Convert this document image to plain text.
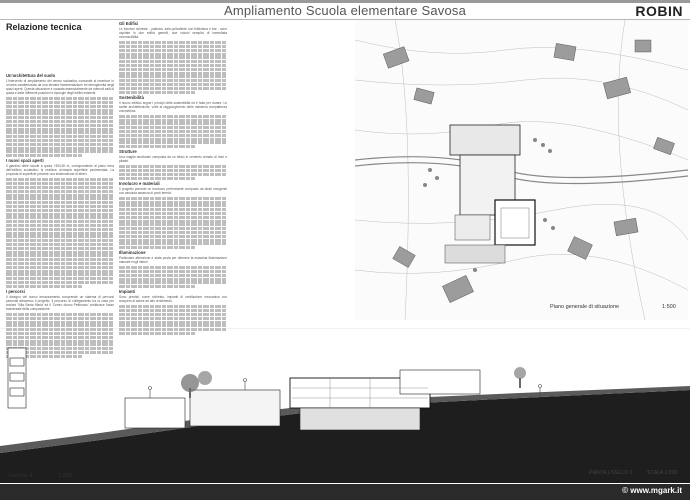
Ampliamento Scuola elementare Savosa	ROBIN
Relazione tecnica
Un'architettura del suolo

L'intervento di ampliamento del centro scolastico comunale si inserisce in un'area caratterizzata da una elevata frammentazione ed eterogeneità degli spazi aperti. Questa situazione è causata essenzialmente da notevoli salti di quota e dalle differenti posizioni e tipologie degli edifici esistenti.

I nuovi spazi aperti

Il giardino delle scuole a quota +394.50 m, corrispondente al piano terra dell'edificio scolastico, si realizza un'ampia superficie pavimentata. La proposta di superficie prevede una sistemazione di alberi.

I percorsi

Il disegno del nuovo terrazzamento comprende un sistema di percorsi pedonali attraverso il progetto. Il percorso di collegamento tra la casa per anziani 'Villa Santa Maria' ed il 'Centro diurno Pettirosso' costituisce l'asse trasversale della composizione.

Gli Edifici

Le funzioni richieste - palestra, sala polivalente con biblioteca e bar - sono ospitate in due edifici gemelli, due volumi semplici di immediata riconoscibilità.

Sostenibilità

Il nuovo edificio segue i principi della sostenibilità ed è fatto per durare. Le scelte architettoniche, volte al raggiungimento della massima compattezza volumetrica.

Strutture

Una maglia strutturale composta da un telaio in cemento armato di travi e pilastri.

Involucro e materiali

Il progetto prevede un involucro performante composto da strati omogenei con assoluta assenza di ponti termici.

Illuminazione

Particolare attenzione è stata posta per ottenere la massima illuminazione naturale negli interni.

Impianti

Sono previsti, come richiesto, impianti di ventilazione meccanica con recupero di calore ad alto rendimento.

Piano generale di situazione	1:500
Sezione 4	1:200	PIANTA LIVELLO 1	SCALA 1:200
© www.mgark.it
